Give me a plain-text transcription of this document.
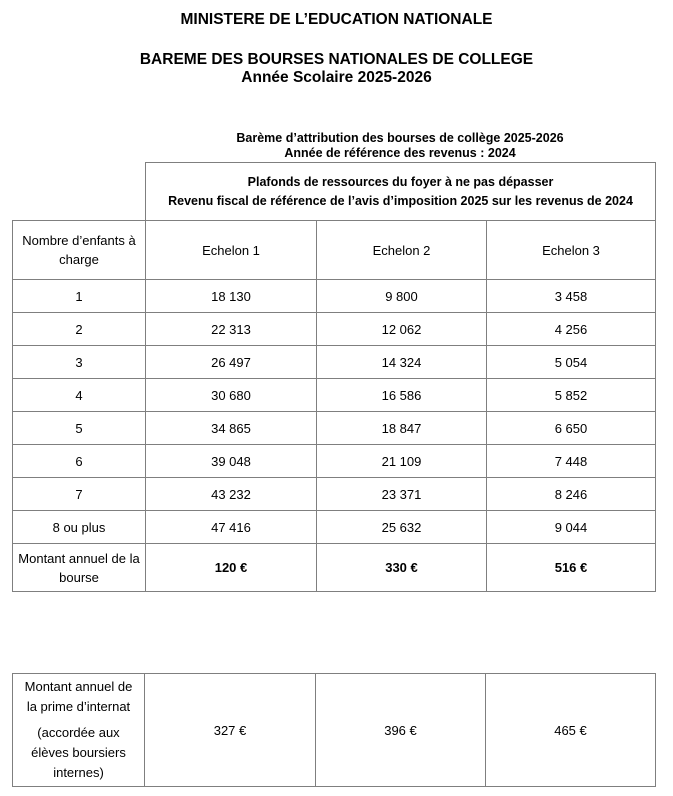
MINISTERE DE L’EDUCATION NATIONALE
BAREME DES BOURSES NATIONALES DE COLLEGE
Année Scolaire 2025-2026
Barème d’attribution des bourses de collège 2025-2026
Année de référence des revenus : 2024

	Plafonds de ressources du foyer à ne pas dépasser
Revenu fiscal de référence de l’avis d’imposition 2025 sur les revenus de 2024		

Nombre d’enfants à
charge	Echelon 1	Echelon 2	Echelon 3
1	18 130	9 800	3 458
2	22 313	12 062	4 256
3	26 497	14 324	5 054
4	30 680	16 586	5 852
5	34 865	18 847	6 650
6	39 048	21 109	7 448
7	43 232	23 371	8 246
8 ou plus	47 416	25 632	9 044

Montant annuel de la
bourse	120 €	330 €	516 €
Montant annuel de
la prime d’internat
(accordée aux
élèves boursiers
internes)
	327 €	396 €	465 €
